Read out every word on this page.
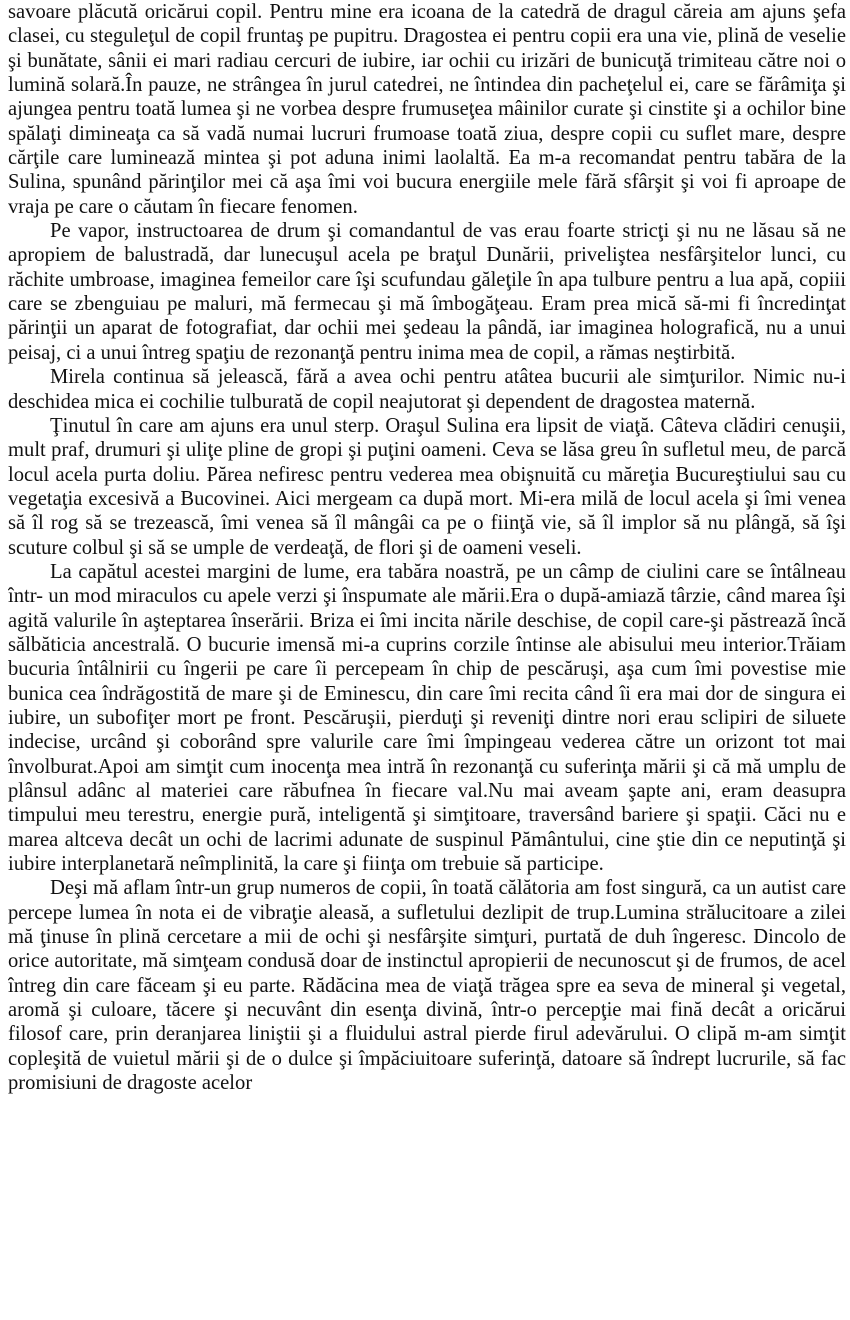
savoare plăcută oricărui copil. Pentru mine era icoana de la catedră de dragul căreia am ajuns şefa clasei, cu steguleţul de copil fruntaş pe pupitru. Dragostea ei pentru copii era una vie, plină de veselie şi bunătate, sânii ei mari radiau cercuri de iubire, iar ochii cu irizări de bunicuţă trimiteau către noi o lumină solară.În pauze, ne strângea în jurul catedrei, ne întindea din pacheţelul ei, care se fărâmiţa şi ajungea pentru toată lumea şi ne vorbea despre frumuseţea mâinilor curate şi cinstite şi a ochilor bine spălaţi dimineaţa ca să vadă numai lucruri frumoase toată ziua, despre copii cu suflet mare, despre cărţile care luminează mintea şi pot aduna inimi laolaltă. Ea m-a recomandat pentru tabăra de la Sulina, spunând părinţilor mei că aşa îmi voi bucura energiile mele fără sfârşit şi voi fi aproape de vraja pe care o căutam în fiecare fenomen.

Pe vapor, instructoarea de drum şi comandantul de vas erau foarte stricţi şi nu ne lăsau să ne apropiem de balustradă, dar lunecuşul acela pe braţul Dunării, priveliştea nesfârşitelor lunci, cu răchite umbroase, imaginea femeilor care îşi scufundau găleţile în apa tulbure pentru a lua apă, copiii care se zbenguiau pe maluri, mă fermecau şi mă îmbogăţeau. Eram prea mică să-mi fi încredinţat părinţii un aparat de fotografiat, dar ochii mei şedeau la pândă, iar imaginea holografică, nu a unui peisaj, ci a unui întreg spaţiu de rezonanţă pentru inima mea de copil, a rămas neştirbită.

Mirela continua să jelească, fără a avea ochi pentru atâtea bucurii ale simţurilor. Nimic nu-i deschidea mica ei cochilie tulburată de copil neajutorat şi dependent de dragostea maternă.

Ţinutul în care am ajuns era unul sterp. Oraşul Sulina era lipsit de viaţă. Câteva clădiri cenuşii, mult praf, drumuri şi uliţe pline de gropi şi puţini oameni. Ceva se lăsa greu în sufletul meu, de parcă locul acela purta doliu. Părea nefiresc pentru vederea mea obişnuită cu măreţia Bucureştiului sau cu vegetaţia excesivă a Bucovinei. Aici mergeam ca după mort. Mi-era milă de locul acela şi îmi venea să îl rog să se trezească, îmi venea să îl mângâi ca pe o fiinţă vie, să îl implor să nu plângă, să îşi scuture colbul şi să se umple de verdeaţă, de flori şi de oameni veseli.

La capătul acestei margini de lume, era tabăra noastră, pe un câmp de ciulini care se întâlneau într- un mod miraculos cu apele verzi şi înspumate ale mării.Era o după-amiază târzie, când marea îşi agită valurile în aşteptarea înserării. Briza ei îmi incita nările deschise, de copil care-şi păstrează încă sălbăticia ancestrală. O bucurie imensă mi-a cuprins corzile întinse ale abisului meu interior.Trăiam bucuria întâlnirii cu îngerii pe care îi percepeam în chip de pescăruşi, aşa cum îmi povestise mie bunica cea îndrăgostită de mare şi de Eminescu, din care îmi recita când îi era mai dor de singura ei iubire, un subofiţer mort pe front. Pescăruşii, pierduţi şi reveniţi dintre nori erau sclipiri de siluete indecise, urcând şi coborând spre valurile care îmi împingeau vederea către un orizont tot mai învolburat.Apoi am simţit cum inocenţa mea intră în rezonanţă cu suferinţa mării şi că mă umplu de plânsul adânc al materiei care răbufnea în fiecare val.Nu mai aveam şapte ani, eram deasupra timpului meu terestru, energie pură, inteligentă şi simţitoare, traversând bariere şi spaţii. Căci nu e marea altceva decât un ochi de lacrimi adunate de suspinul Pământului, cine ştie din ce neputinţă şi iubire interplanetară neîmplinită, la care şi fiinţa om trebuie să participe.

Deşi mă aflam într-un grup numeros de copii, în toată călătoria am fost singură, ca un autist care percepe lumea în nota ei de vibraţie aleasă, a sufletului dezlipit de trup.Lumina strălucitoare a zilei mă ţinuse în plină cercetare a mii de ochi şi nesfârşite simţuri, purtată de duh îngeresc. Dincolo de orice autoritate, mă simţeam condusă doar de instinctul apropierii de necunoscut şi de frumos, de acel întreg din care făceam şi eu parte. Rădăcina mea de viaţă trăgea spre ea seva de mineral şi vegetal, aromă şi culoare, tăcere şi necuvânt din esenţa divină, într-o percepţie mai fină decât a oricărui filosof care, prin deranjarea liniştii şi a fluidului astral pierde firul adevărului. O clipă m-am simţit copleşită de vuietul mării şi de o dulce şi împăciuitoare suferinţă, datoare să îndrept lucrurile, să fac promisiuni de dragoste acelor
